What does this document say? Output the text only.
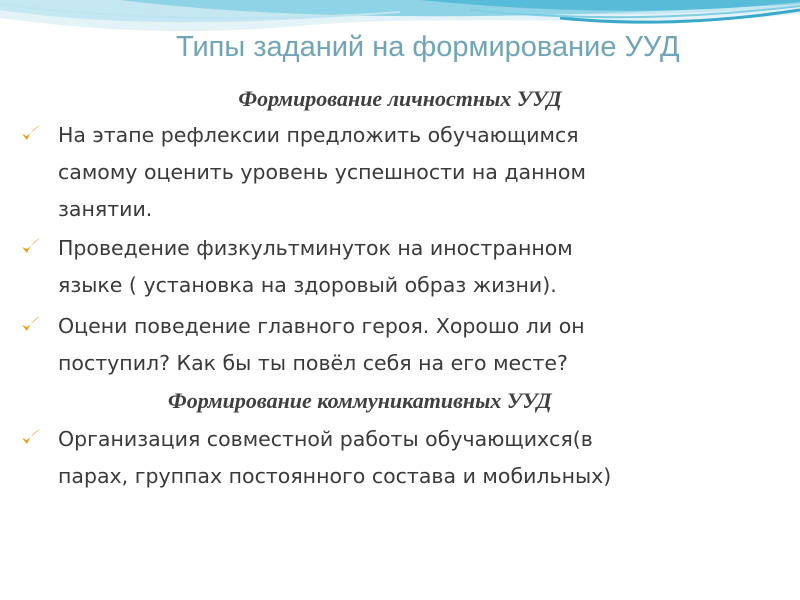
Типы заданий на формирование УУД
Формирование личностных УУД
На этапе рефлексии предложить обучающимся
самому оценить уровень успешности на данном
занятии.
Проведение физкультминуток на иностранном
языке ( установка на здоровый образ жизни).
Оцени поведение главного героя. Хорошо ли он
поступил? Как бы ты повёл себя на его месте?
Формирование коммуникативных УУД
Организация совместной работы обучающихся(в
парах, группах постоянного состава и мобильных)
